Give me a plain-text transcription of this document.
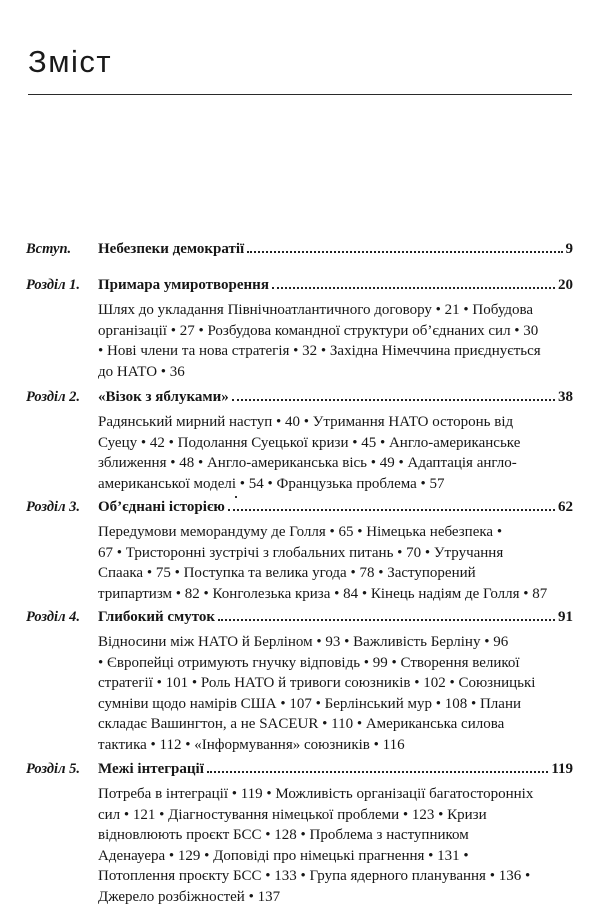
Зміст
Вступ. Небезпеки демократії	9
Розділ 1. Примара умиротворення	20
Шлях до укладання Північноатлантичного договору • 21 • Побудова
організації • 27 • Розбудова командної структури об’єднаних сил • 30
• Нові члени та нова стратегія • 32 • Західна Німеччина приєднується
до НАТО • 36
Розділ 2. «Візок з яблуками»	38
Радянський мирний наступ • 40 • Утримання НАТО осторонь від
Суецу • 42 • Подолання Суецької кризи • 45 • Англо-американське
зближення • 48 • Англо-американська вісь • 49 • Адаптація англо-
американської моделі • 54 • Французька проблема • 57
Розділ 3. Об’єднані історією	62
Передумови меморандуму де Голля • 65 • Німецька небезпека •
67 • Тристоронні зустрічі з глобальних питань • 70 • Утручання
Спаака • 75 • Поступка та велика угода • 78 • Заступорений
трипартизм • 82 • Конголезька криза • 84 • Кінець надіям де Голля • 87
Розділ 4. Глибокий смуток	91
Відносини між НАТО й Берліном • 93 • Важливість Берліну • 96
• Європейці отримують гнучку відповідь • 99 • Створення великої
стратегії • 101 • Роль НАТО й тривоги союзників • 102 • Союзницькі
сумніви щодо намірів США • 107 • Берлінський мур • 108 • Плани
складає Вашингтон, а не SACEUR • 110 • Американська силова
тактика • 112 • «Інформування» союзників • 116
Розділ 5. Межі інтеграції	119
Потреба в інтеграції • 119 • Можливість організації багатосторонніх
сил • 121 • Діагностування німецької проблеми • 123 • Кризи
відновлюють проєкт БСС • 128 • Проблема з наступником
Аденауера • 129 • Доповіді про німецькі прагнення • 131 •
Потоплення проєкту БСС • 133 • Група ядерного планування • 136 •
Джерело розбіжностей • 137
